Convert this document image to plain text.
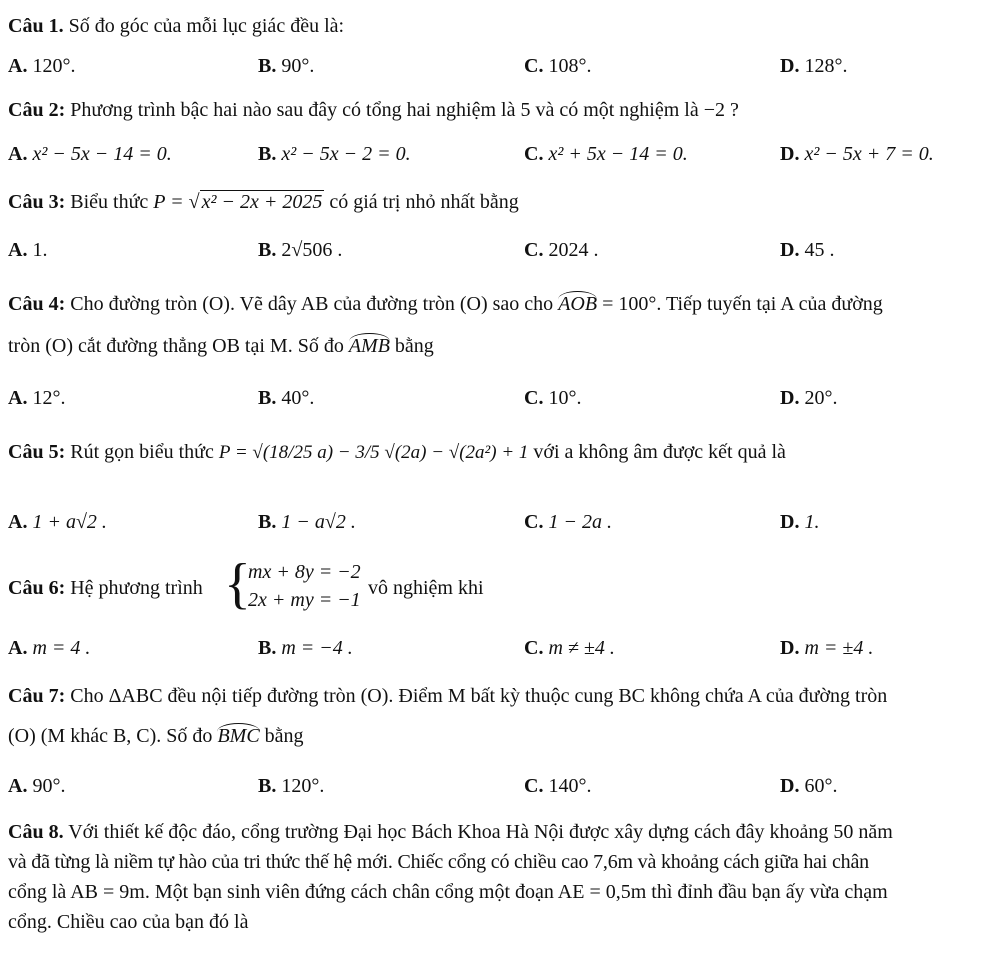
Câu 1. Số đo góc của mỗi lục giác đều là:
A. 120°.	B. 90°.	C. 108°.	D. 128°.
Câu 2: Phương trình bậc hai nào sau đây có tổng hai nghiệm là 5 và có một nghiệm là −2 ?
A. x² − 5x − 14 = 0.	B. x² − 5x − 2 = 0.	C. x² + 5x − 14 = 0.	D. x² − 5x + 7 = 0.
Câu 3: Biểu thức P = √ x² − 2x + 2025 có giá trị nhỏ nhất bằng
A. 1.	B. 2√506 .	C. 2024 .	D. 45 .
Câu 4: Cho đường tròn (O). Vẽ dây AB của đường tròn (O) sao cho AOB = 100°. Tiếp tuyến tại A của đường
tròn (O) cắt đường thẳng OB tại M. Số đo AMB bằng
A. 12°.	B. 40°.	C. 10°.	D. 20°.
Câu 5: Rút gọn biểu thức P = √(18/25 a) − 3/5 √(2a) − √(2a²) + 1 với a không âm được kết quả là
A. 1 + a√2 .	B. 1 − a√2 .	C. 1 − 2a .	D. 1.
Câu 6: Hệ phương trình {
mx + 8y = −2
2x + my = −1
vô nghiệm khi
A. m = 4 .	B. m = −4 .	C. m ≠ ±4 .	D. m = ±4 .
Câu 7: Cho ΔABC đều nội tiếp đường tròn (O). Điểm M bất kỳ thuộc cung BC không chứa A của đường tròn
(O) (M khác B, C). Số đo BMC bằng
A. 90°.	B. 120°.	C. 140°.	D. 60°.
Câu 8. Với thiết kế độc đáo, cổng trường Đại học Bách Khoa Hà Nội được xây dựng cách đây khoảng 50 năm
và đã từng là niềm tự hào của tri thức thế hệ mới. Chiếc cổng có chiều cao 7,6m và khoảng cách giữa hai chân
cổng là AB = 9m. Một bạn sinh viên đứng cách chân cổng một đoạn AE = 0,5m thì đỉnh đầu bạn ấy vừa chạm
cổng. Chiều cao của bạn đó là
